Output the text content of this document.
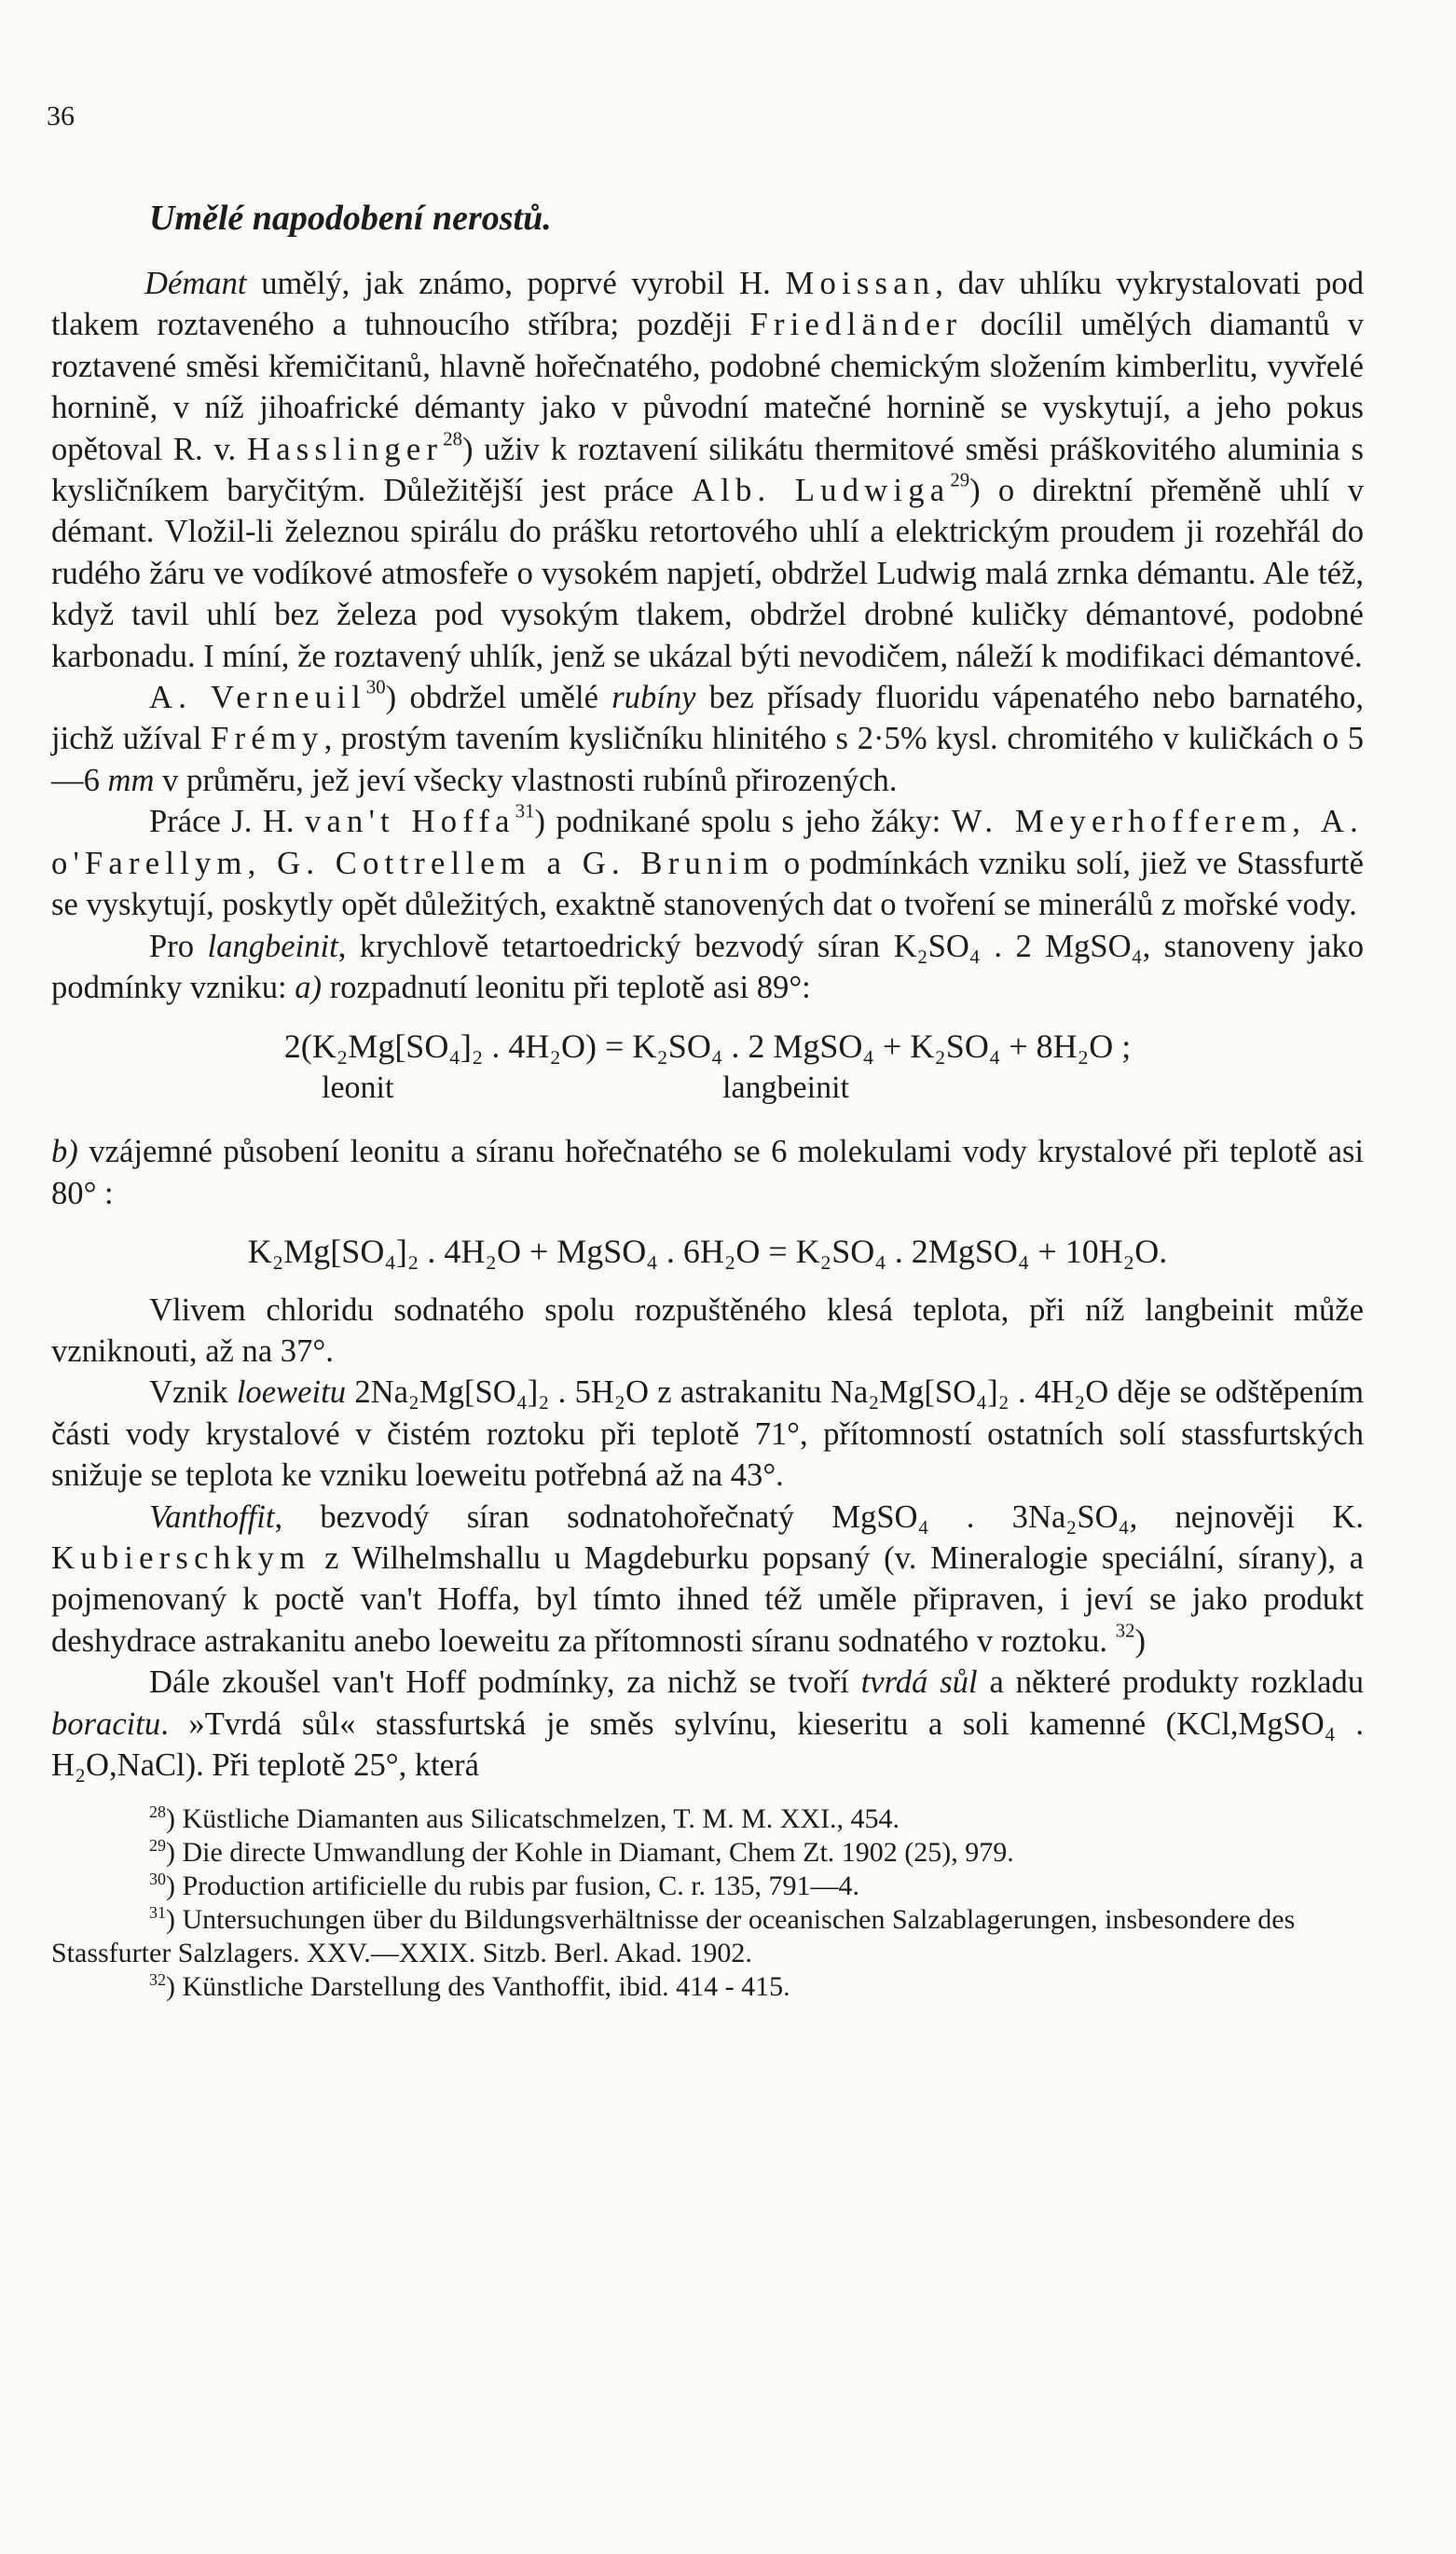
36
Umělé napodobení nerostů.

Démant umělý, jak známo, poprvé vyrobil H. Moissan, dav uhlíku vykrystalovati pod tlakem roztaveného a tuhnoucího stříbra; později Friedländer docílil umělých diamantů v roztavené směsi křemičitanů, hlavně hořečnatého, podobné chemickým složením kimberlitu, vyvřelé hornině, v níž jihoafrické démanty jako v původní matečné hornině se vyskytují, a jeho pokus opětoval R. v. Hasslinger$^{28}$) uživ k roztavení silikátu thermitové směsi práškovitého aluminia s kysličníkem baryčitým. Důležitější jest práce Alb. Ludwiga$^{29}$) o direktní přeměně uhlí v démant. Vložil-li železnou spirálu do prášku retortového uhlí a elektrickým proudem ji rozehřál do rudého žáru ve vodíkové atmosfeře o vysokém napjetí, obdržel Ludwig malá zrnka démantu. Ale též, když tavil uhlí bez železa pod vysokým tlakem, obdržel drobné kuličky démantové, podobné karbonadu. I míní, že roztavený uhlík, jenž se ukázal býti nevodičem, náleží k modifikaci démantové.

A. Verneuil$^{30}$) obdržel umělé rubíny bez přísady fluoridu vápenatého nebo barnatého, jichž užíval Frémy, prostým tavením kysličníku hlinitého s 2·5% kysl. chromitého v kuličkách o 5—6 mm v průměru, jež jeví všecky vlastnosti rubínů přirozených.

Práce J. H. van't Hoffa$^{31}$) podnikané spolu s jeho žáky: W. Meyerhofferem, A. o'Farellym, G. Cottrellem a G. Brunim o podmínkách vzniku solí, jiež ve Stassfurtě se vyskytují, poskytly opět důležitých, exaktně stanovených dat o tvoření se minerálů z mořské vody.

Pro langbeinit, krychlově tetartoedrický bezvodý síran K₂SO₄ . 2 MgSO₄, stanoveny jako podmínky vzniku: a) rozpadnutí leonitu při teplotě asi 89°:

2(K₂Mg[SO₄]₂ . 4H₂O) = K₂SO₄ . 2 MgSO₄ + K₂SO₄ + 8H₂O ;
leonit	langbeinit

b) vzájemné působení leonitu a síranu hořečnatého se 6 molekulami vody krystalové při teplotě asi 80° :

K₂Mg[SO₄]₂ . 4H₂O + MgSO₄ . 6H₂O = K₂SO₄ . 2MgSO₄ + 10H₂O.

Vlivem chloridu sodnatého spolu rozpuštěného klesá teplota, při níž langbeinit může vzniknouti, až na 37°.

Vznik loeweitu 2Na₂Mg[SO₄]₂ . 5H₂O z astrakanitu Na₂Mg[SO₄]₂ . 4H₂O děje se odštěpením části vody krystalové v čistém roztoku při teplotě 71°, přítomností ostatních solí stassfurtských snižuje se teplota ke vzniku loeweitu potřebná až na 43°.

Vanthoffit, bezvodý síran sodnatohořečnatý MgSO₄ . 3Na₂SO₄, nejnověji K. Kubierschkym z Wilhelmshallu u Magdeburku popsaný (v. Mineralogie speciální, sírany), a pojmenovaný k poctě van't Hoffa, byl tímto ihned též uměle připraven, i jeví se jako produkt deshydrace astrakanitu anebo loeweitu za přítomnosti síranu sodnatého v roztoku. $^{32}$)

Dále zkoušel van't Hoff podmínky, za nichž se tvoří tvrdá sůl a některé produkty rozkladu boracitu. »Tvrdá sůl« stassfurtská je směs sylvínu, kieseritu a soli kamenné (KCl,MgSO₄ . H₂O,NaCl). Při teplotě 25°, která

$^{28}$) Küstliche Diamanten aus Silicatschmelzen, T. M. M. XXI., 454.

$^{29}$) Die directe Umwandlung der Kohle in Diamant, Chem Zt. 1902 (25), 979.

$^{30}$) Production artificielle du rubis par fusion, C. r. 135, 791—4.

$^{31}$) Untersuchungen über du Bildungsverhältnisse der oceanischen Salzablagerungen, insbesondere des Stassfurter Salzlagers. XXV.—XXIX. Sitzb. Berl. Akad. 1902.

$^{32}$) Künstliche Darstellung des Vanthoffit, ibid. 414 - 415.
